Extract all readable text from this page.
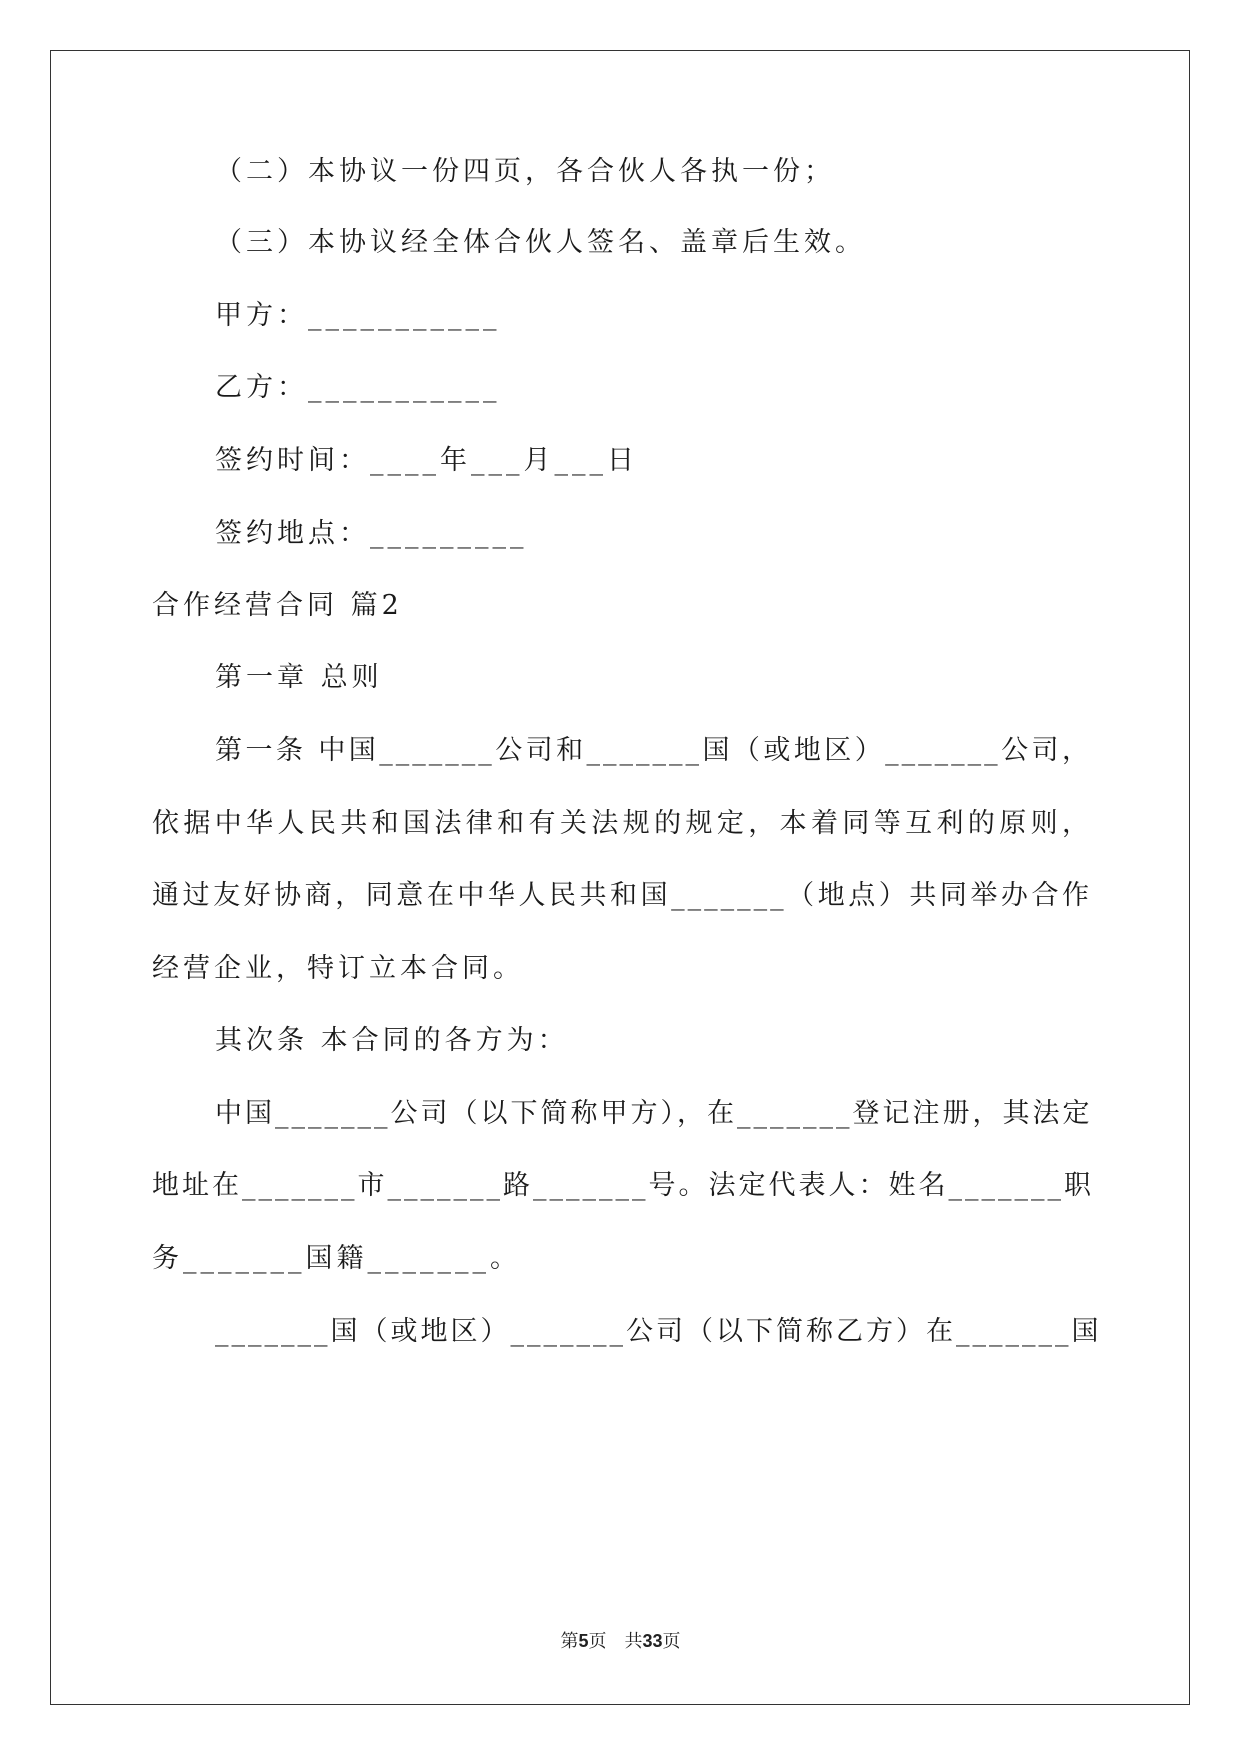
（二）本协议一份四页，各合伙人各执一份；
（三）本协议经全体合伙人签名、盖章后生效。
甲方：___________
乙方：___________
签约时间：____年___月___日
签约地点：_________
合作经营合同 篇2
第一章 总则
第一条 中国_______公司和_______国（或地区）_______公司，
依据中华人民共和国法律和有关法规的规定，本着同等互利的原则，
通过友好协商，同意在中华人民共和国_______（地点）共同举办合作
经营企业，特订立本合同。
其次条 本合同的各方为：
中国_______公司（以下简称甲方），在_______登记注册，其法定
地址在_______市_______路_______号。法定代表人：姓名_______职
务_______国籍_______。
_______国（或地区）_______公司（以下简称乙方）在_______国
第5页　共33页
